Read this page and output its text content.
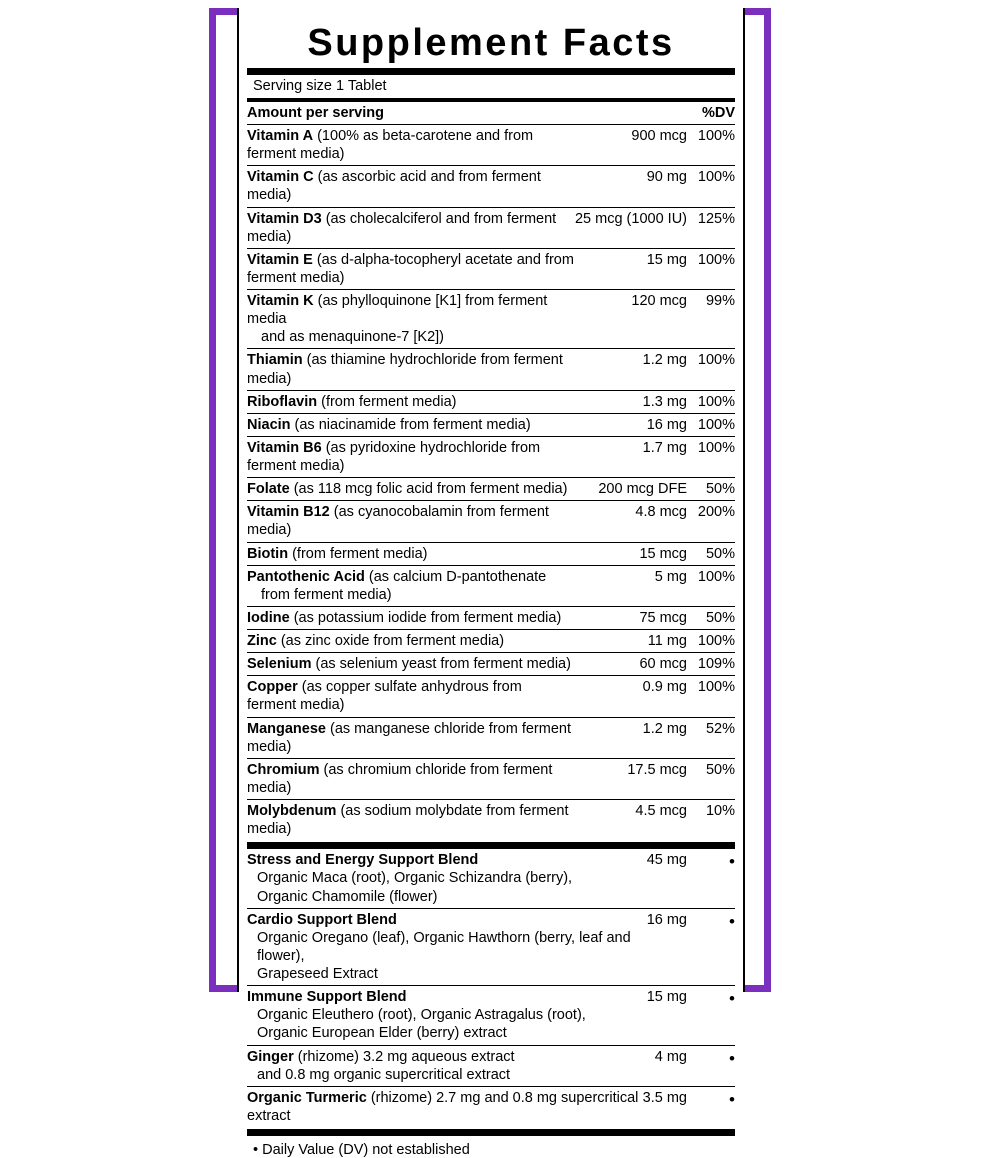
Supplement Facts
Serving size 1 Tablet
Amount per serving		%DV
Vitamin A (100% as beta-carotene and from ferment media)	900 mcg	100%
Vitamin C (as ascorbic acid and from ferment media)	90 mg	100%
Vitamin D3 (as cholecalciferol and from ferment media)	25 mcg (1000 IU)	125%
Vitamin E (as d-alpha-tocopheryl acetate and from ferment media)	15 mg	100%
Vitamin K (as phylloquinone [K1] from ferment media
and as menaquinone-7 [K2])	120 mcg	99%
Thiamin (as thiamine hydrochloride from ferment media)	1.2 mg	100%
Riboflavin (from ferment media)	1.3 mg	100%
Niacin (as niacinamide from ferment media)	16 mg	100%
Vitamin B6 (as pyridoxine hydrochloride from ferment media)	1.7 mg	100%
Folate (as 118 mcg folic acid from ferment media)	200 mcg DFE	50%
Vitamin B12 (as cyanocobalamin from ferment media)	4.8 mcg	200%
Biotin (from ferment media)	15 mcg	50%
Pantothenic Acid (as calcium D-pantothenate
from ferment media)	5 mg	100%
Iodine (as potassium iodide from ferment media)	75 mcg	50%
Zinc (as zinc oxide from ferment media)	11 mg	100%
Selenium (as selenium yeast from ferment media)	60 mcg	109%
Copper (as copper sulfate anhydrous from ferment media)	0.9 mg	100%
Manganese (as manganese chloride from ferment media)	1.2 mg	52%
Chromium (as chromium chloride from ferment media)	17.5 mcg	50%
Molybdenum (as sodium molybdate from ferment media)	4.5 mcg	10%
Stress and Energy Support Blend
Organic Maca (root), Organic Schizandra (berry),
Organic Chamomile (flower)	45 mg	•
Cardio Support Blend
Organic Oregano (leaf), Organic Hawthorn (berry, leaf and flower),
Grapeseed Extract	16 mg	•
Immune Support Blend
Organic Eleuthero (root), Organic Astragalus (root),
Organic European Elder (berry) extract	15 mg	•
Ginger (rhizome) 3.2 mg aqueous extract
and 0.8 mg organic supercritical extract	4 mg	•
Organic Turmeric (rhizome) 2.7 mg and 0.8 mg supercritical extract	3.5 mg	•
• Daily Value (DV) not established
